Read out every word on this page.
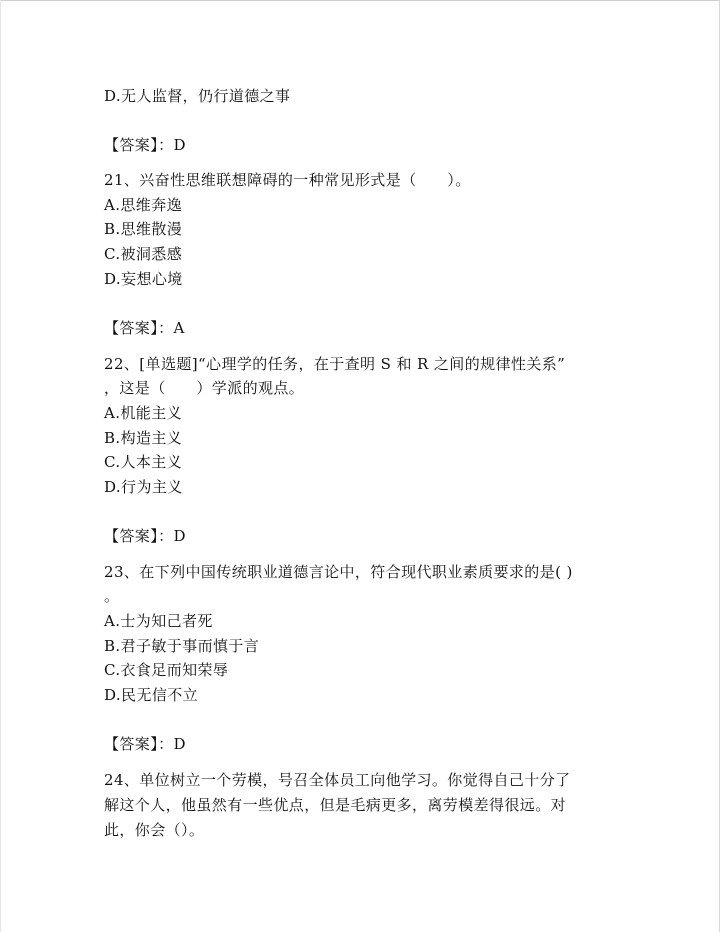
D.无人监督，仍行道德之事
【答案】：D
21、兴奋性思维联想障碍的一种常见形式是（　　）。
A.思维奔逸
B.思维散漫
C.被洞悉感
D.妄想心境
【答案】：A
22、[单选题]“心理学的任务，在于查明 S 和 R 之间的规律性关系”
，这是（　　）学派的观点。
A.机能主义
B.构造主义
C.人本主义
D.行为主义
【答案】：D
23、在下列中国传统职业道德言论中，符合现代职业素质要求的是( )
。
A.士为知己者死
B.君子敏于事而慎于言
C.衣食足而知荣辱
D.民无信不立
【答案】：D
24、单位树立一个劳模，号召全体员工向他学习。你觉得自己十分了
解这个人，他虽然有一些优点，但是毛病更多，离劳模差得很远。对
此，你会（）。
